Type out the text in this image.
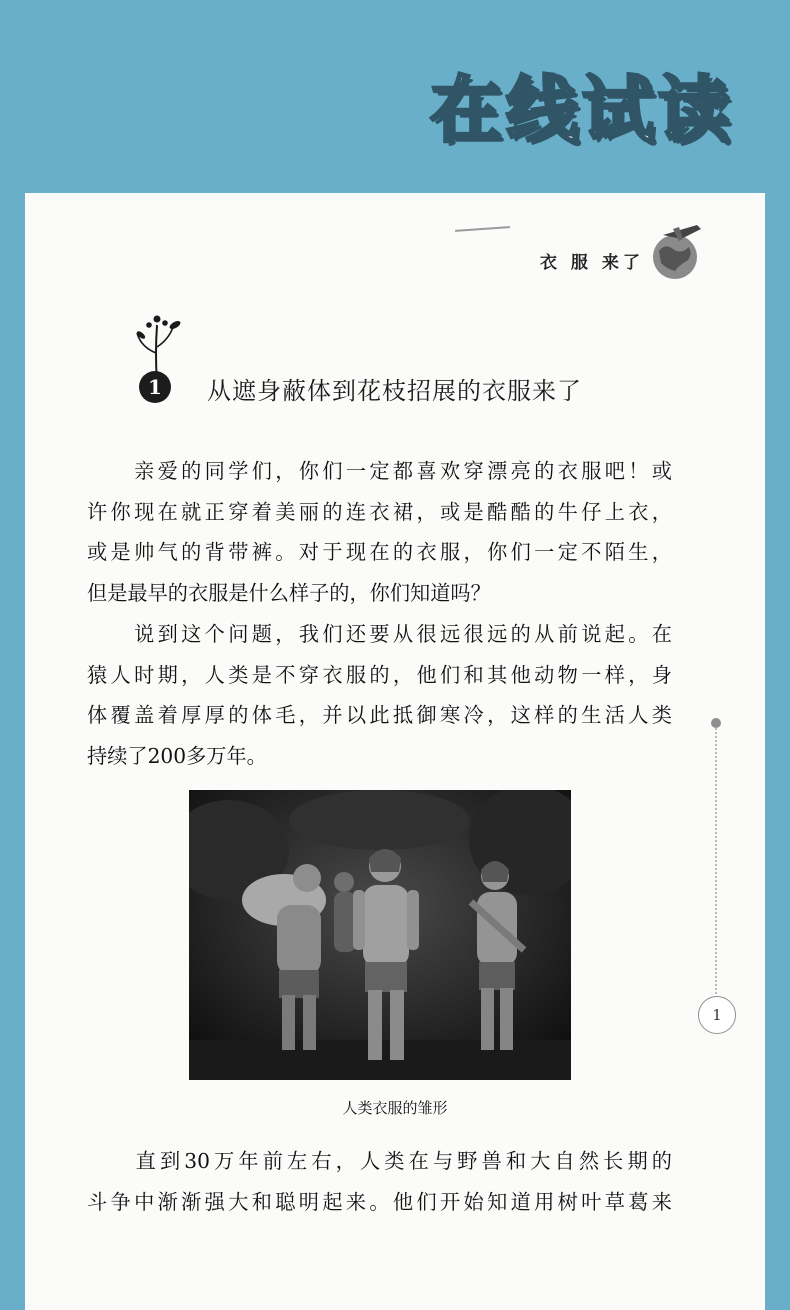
在线试读

衣 服 来了
1	从遮身蔽体到花枝招展的衣服来了

　　亲爱的同学们，你们一定都喜欢穿漂亮的衣服吧！或
许你现在就正穿着美丽的连衣裙，或是酷酷的牛仔上衣，
或是帅气的背带裤。对于现在的衣服，你们一定不陌生，
但是最早的衣服是什么样子的，你们知道吗？

　　说到这个问题，我们还要从很远很远的从前说起。在
猿人时期，人类是不穿衣服的，他们和其他动物一样，身
体覆盖着厚厚的体毛，并以此抵御寒冷，这样的生活人类
持续了200多万年。

人类衣服的雏形

　　直到30万年前左右，人类在与野兽和大自然长期的
斗争中渐渐强大和聪明起来。他们开始知道用树叶草葛来

1
